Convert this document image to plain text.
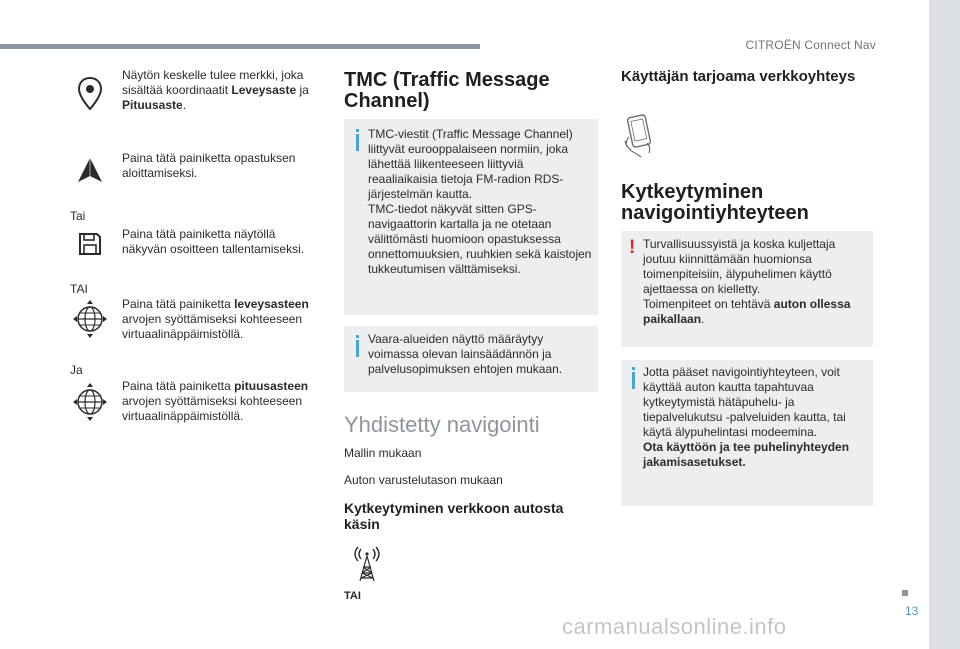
CITROËN Connect Nav
13
carmanualsonline.info
Näytön keskelle tulee merkki, joka sisältää koordinaatit Leveysaste ja
Pituusaste.
Paina tätä painiketta opastuksen aloittamiseksi.
Tai
Paina tätä painiketta näytöllä näkyvän osoitteen tallentamiseksi.
TAI
Paina tätä painiketta leveysasteen
arvojen syöttämiseksi kohteeseen virtuaalinäppäimistöllä.
Ja
Paina tätä painiketta pituusasteen
arvojen syöttämiseksi kohteeseen virtuaalinäppäimistöllä.
TMC (Traffic Message
Channel)
TMC-viestit (Traffic Message Channel) liittyvät eurooppalaiseen normiin, joka lähettää liikenteeseen liittyviä reaaliaikaisia tietoja FM-radion RDS-järjestelmän kautta.
TMC-tiedot näkyvät sitten GPS-navigaattorin kartalla ja ne otetaan välittömästi huomioon opastuksessa onnettomuuksien, ruuhkien sekä kaistojen tukkeutumisen välttämiseksi.
Vaara-alueiden näyttö määräytyy voimassa olevan lainsäädännön ja palvelusopimuksen ehtojen mukaan.
Yhdistetty navigointi
Mallin mukaan
Auton varustelutason mukaan
Kytkeytyminen verkkoon autosta
käsin
TAI
Käyttäjän tarjoama verkkoyhteys
Kytkeytyminen
navigointiyhteyteen
! Turvallisuussyistä ja koska kuljettaja joutuu kiinnittämään huomionsa toimenpiteisiin, älypuhelimen käyttö ajettaessa on kielletty.
Toimenpiteet on tehtävä auton ollessa paikallaan.
Jotta pääset navigointiyhteyteen, voit käyttää auton kautta tapahtuvaa kytkeytymistä hätäpuhelu- ja tiepalvelukutsu -palveluiden kautta, tai käytä älypuhelintasi modeemina.
Ota käyttöön ja tee puhelinyhteyden jakamisasetukset.
